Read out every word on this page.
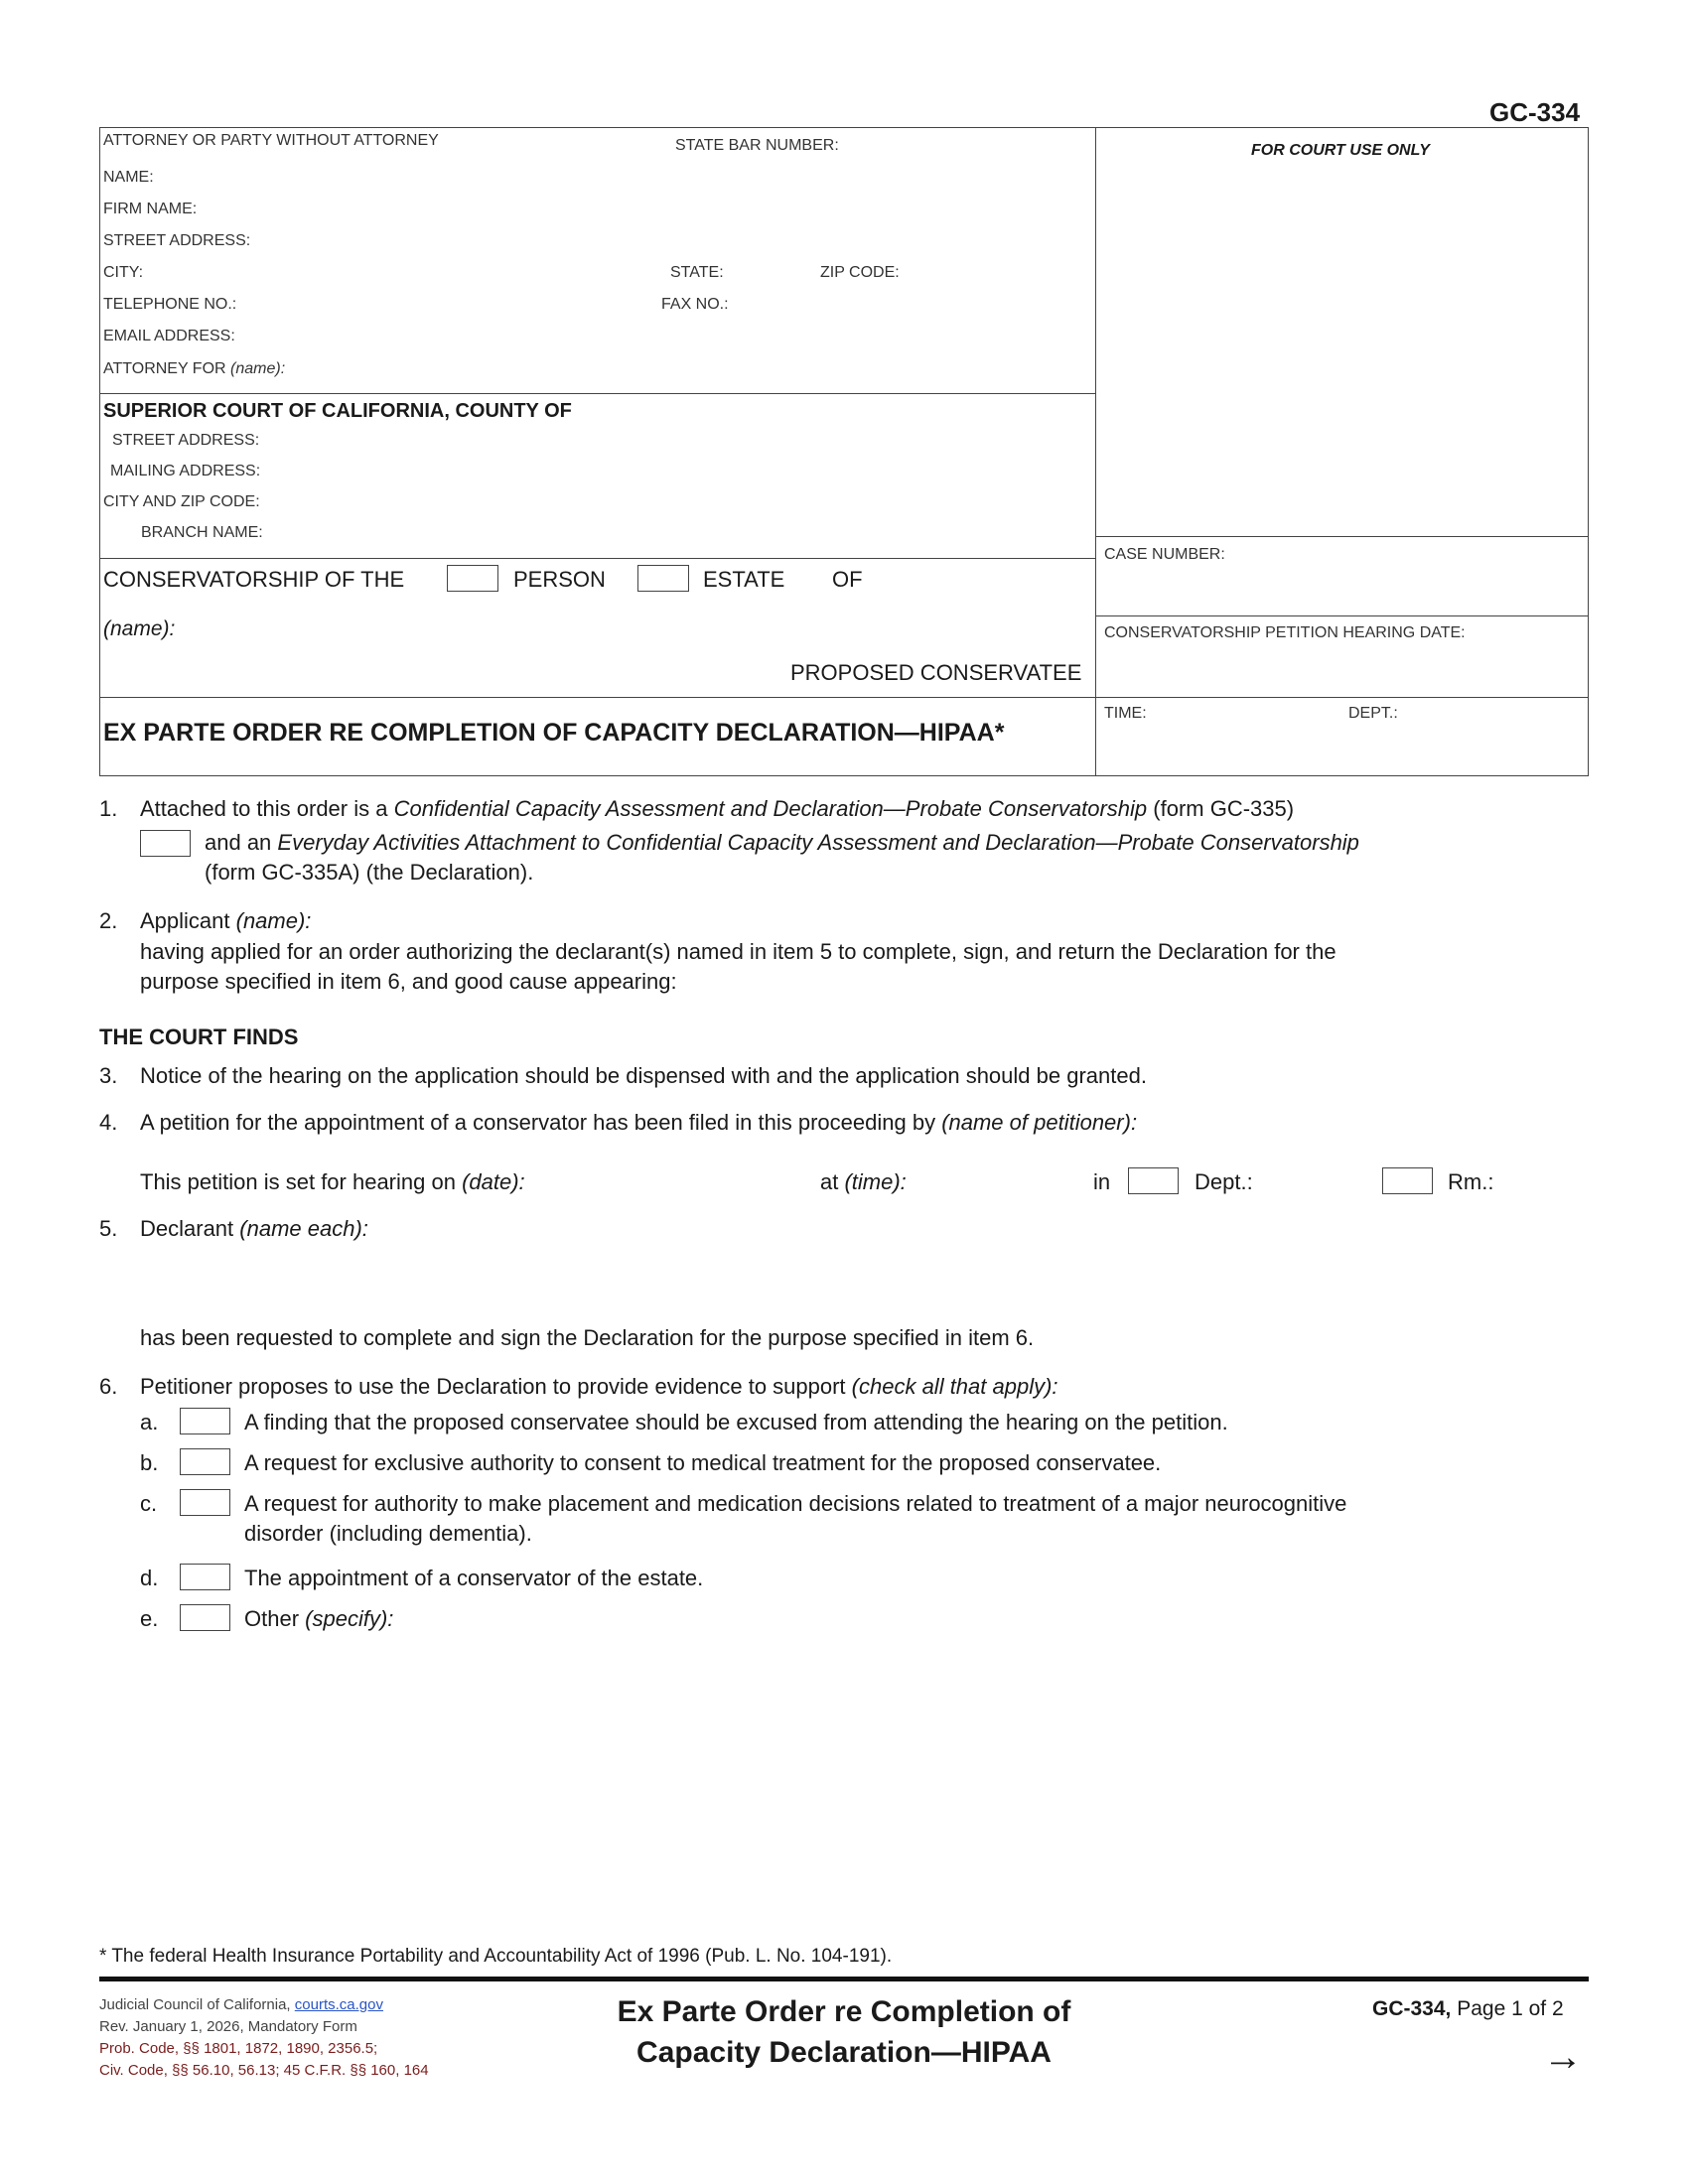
GC-334
ATTORNEY OR PARTY WITHOUT ATTORNEY	STATE BAR NUMBER:
NAME:
FIRM NAME:
STREET ADDRESS:
CITY:	STATE:	ZIP CODE:
TELEPHONE NO.:	FAX NO.:
EMAIL ADDRESS:
ATTORNEY FOR (name):
FOR COURT USE ONLY
SUPERIOR COURT OF CALIFORNIA, COUNTY OF
STREET ADDRESS:
MAILING ADDRESS:
CITY AND ZIP CODE:
BRANCH NAME:
CONSERVATORSHIP OF THE	PERSON	ESTATE OF
(name):
PROPOSED CONSERVATEE
CASE NUMBER:
CONSERVATORSHIP PETITION HEARING DATE:
TIME:	DEPT.:
EX PARTE ORDER RE COMPLETION OF CAPACITY DECLARATION—HIPAA*
1. Attached to this order is a Confidential Capacity Assessment and Declaration—Probate Conservatorship (form GC-335)
and an Everyday Activities Attachment to Confidential Capacity Assessment and Declaration—Probate Conservatorship
(form GC-335A) (the Declaration).
2. Applicant (name):
having applied for an order authorizing the declarant(s) named in item 5 to complete, sign, and return the Declaration for the
purpose specified in item 6, and good cause appearing:
THE COURT FINDS
3. Notice of the hearing on the application should be dispensed with and the application should be granted.
4. A petition for the appointment of a conservator has been filed in this proceeding by (name of petitioner):
This petition is set for hearing on (date):	at (time):	in	Dept.:	Rm.:
5. Declarant (name each):
has been requested to complete and sign the Declaration for the purpose specified in item 6.
6. Petitioner proposes to use the Declaration to provide evidence to support (check all that apply):
a.	A finding that the proposed conservatee should be excused from attending the hearing on the petition.
b.	A request for exclusive authority to consent to medical treatment for the proposed conservatee.
c.	A request for authority to make placement and medication decisions related to treatment of a major neurocognitive
disorder (including dementia).
d.	The appointment of a conservator of the estate.
e.	Other (specify):
* The federal Health Insurance Portability and Accountability Act of 1996 (Pub. L. No. 104-191).
Judicial Council of California, courts.ca.gov
Rev. January 1, 2026, Mandatory Form
Prob. Code, §§ 1801, 1872, 1890, 2356.5;
Civ. Code, §§ 56.10, 56.13; 45 C.F.R. §§ 160, 164
Ex Parte Order re Completion of
Capacity Declaration—HIPAA
GC-334, Page 1 of 2
→
